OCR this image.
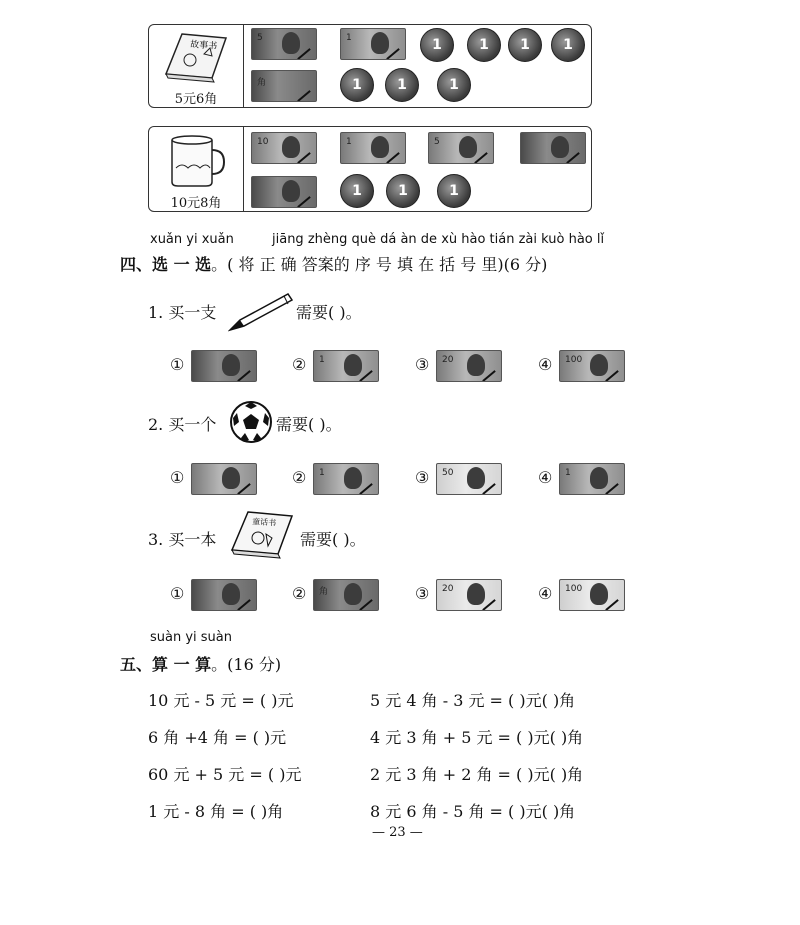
故事书
5元6角
5	1	1	1 1 1
角	1	1	1
10元8角
10	1	5
1	1	1
xuǎn yi xuǎn	jiāng zhèng què dá àn de xù hào tián zài kuò hào lǐ
四、选 一 选。( 将 正 确 答案的 序 号 填 在 括 号 里)(6 分)
1. 买一支	需要( )。
①	② 1	③ 20	④ 100
2. 买一个	需要( )。
①	② 1	③ 50	④ 1
3. 买一本
童话书
需要( )。
①	② 角	③ 20	④ 100
suàn yi suàn
五、算 一 算。(16 分)
10 元 - 5 元 = ( )元	5 元 4 角 - 3 元 = ( )元( )角
6 角 +4 角 = ( )元	4 元 3 角 + 5 元 = ( )元( )角
60 元 + 5 元 = ( )元	2 元 3 角 + 2 角 = ( )元( )角
1 元 - 8 角 = ( )角	8 元 6 角 - 5 角 = ( )元( )角
— 23 —
